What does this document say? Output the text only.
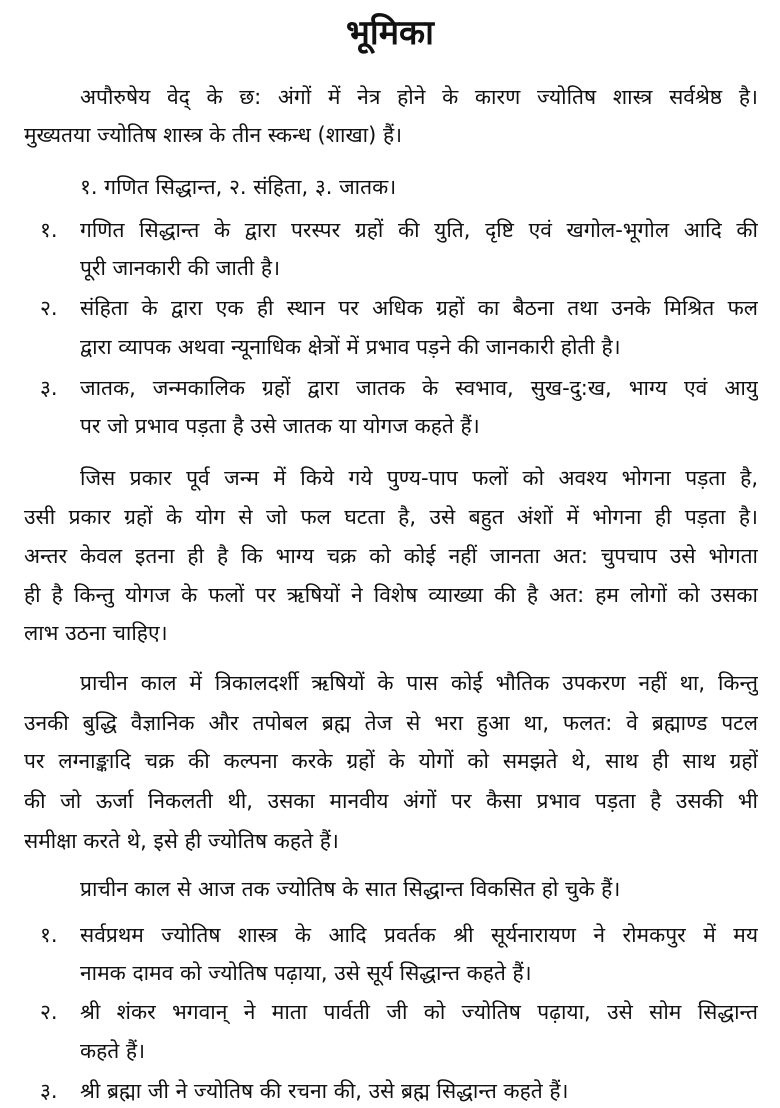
भूमिका
अपौरुषेय वेद् के छ: अंगों में नेत्र होने के कारण ज्योतिष शास्त्र सर्वश्रेष्ठ है।
मुख्यतया ज्योतिष शास्त्र के तीन स्कन्ध (शाखा) हैं।
१. गणित सिद्धान्त, २. संहिता, ३. जातक।
१. गणित सिद्धान्त के द्वारा परस्पर ग्रहों की युति, दृष्टि एवं खगोल-भूगोल आदि की
पूरी जानकारी की जाती है।
२. संहिता के द्वारा एक ही स्थान पर अधिक ग्रहों का बैठना तथा उनके मिश्रित फल
द्वारा व्यापक अथवा न्यूनाधिक क्षेत्रों में प्रभाव पड़ने की जानकारी होती है।
३. जातक, जन्मकालिक ग्रहों द्वारा जातक के स्वभाव, सुख-दु:ख, भाग्य एवं आयु
पर जो प्रभाव पड़ता है उसे जातक या योगज कहते हैं।
जिस प्रकार पूर्व जन्म में किये गये पुण्य-पाप फलों को अवश्य भोगना पड़ता है,
उसी प्रकार ग्रहों के योग से जो फल घटता है, उसे बहुत अंशों में भोगना ही पड़ता है।
अन्तर केवल इतना ही है कि भाग्य चक्र को कोई नहीं जानता अत: चुपचाप उसे भोगता
ही है किन्तु योगज के फलों पर ऋषियों ने विशेष व्याख्या की है अत: हम लोगों को उसका
लाभ उठना चाहिए।
प्राचीन काल में त्रिकालदर्शी ऋषियों के पास कोई भौतिक उपकरण नहीं था, किन्तु
उनकी बुद्धि वैज्ञानिक और तपोबल ब्रह्म तेज से भरा हुआ था, फलत: वे ब्रह्माण्ड पटल
पर लग्नाङ्कादि चक्र की कल्पना करके ग्रहों के योगों को समझते थे, साथ ही साथ ग्रहों
की जो ऊर्जा निकलती थी, उसका मानवीय अंगों पर कैसा प्रभाव पड़ता है उसकी भी
समीक्षा करते थे, इसे ही ज्योतिष कहते हैं।
प्राचीन काल से आज तक ज्योतिष के सात सिद्धान्त विकसित हो चुके हैं।
१. सर्वप्रथम ज्योतिष शास्त्र के आदि प्रवर्तक श्री सूर्यनारायण ने रोमकपुर में मय
नामक दामव को ज्योतिष पढ़ाया, उसे सूर्य सिद्धान्त कहते हैं।
२. श्री शंकर भगवान् ने माता पार्वती जी को ज्योतिष पढ़ाया, उसे सोम सिद्धान्त
कहते हैं।
३. श्री ब्रह्मा जी ने ज्योतिष की रचना की, उसे ब्रह्म सिद्धान्त कहते हैं।
